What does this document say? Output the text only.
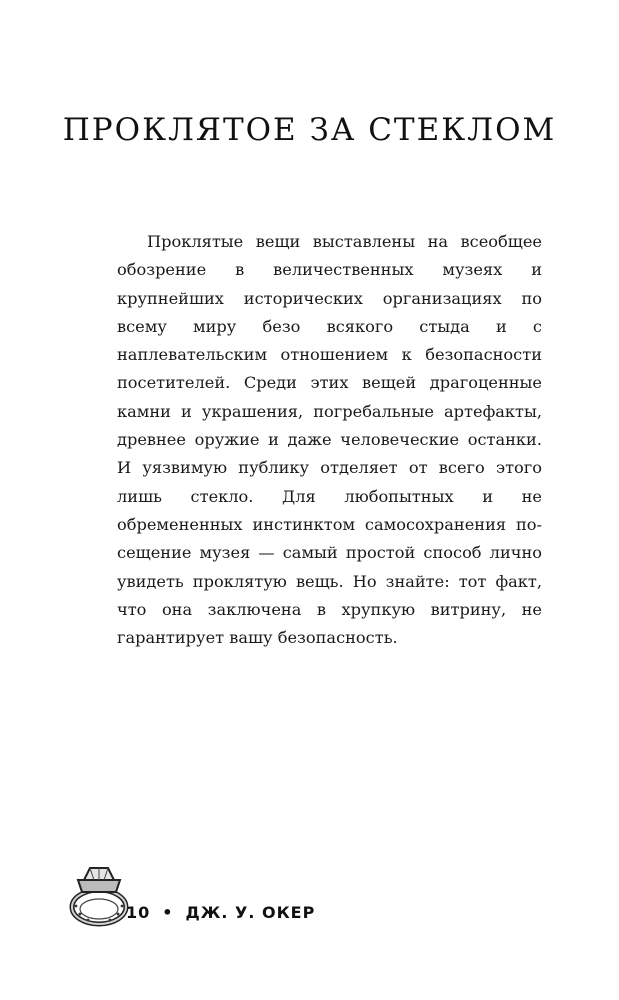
ПРОКЛЯТОЕ ЗА СТЕКЛОМ

Проклятые вещи выставлены на всеобщее обозрение в величественных музеях и крупнейших исторических организациях по всему миру безо всякого стыда и с наплевательским отношением к безопасности посетителей. Среди этих вещей драгоценные камни и украшения, погребальные артефакты, древнее оружие и даже человеческие останки. И уязвимую публику отделяет от всего этого лишь стекло. Для любопытных и не обремененных инстинктом самосохранения посещение музея — самый простой способ лично увидеть проклятую вещь. Но знайте: тот факт, что она заключена в хрупкую витрину, не гарантирует вашу безопасность.

10 • ДЖ. У. ОКЕР
